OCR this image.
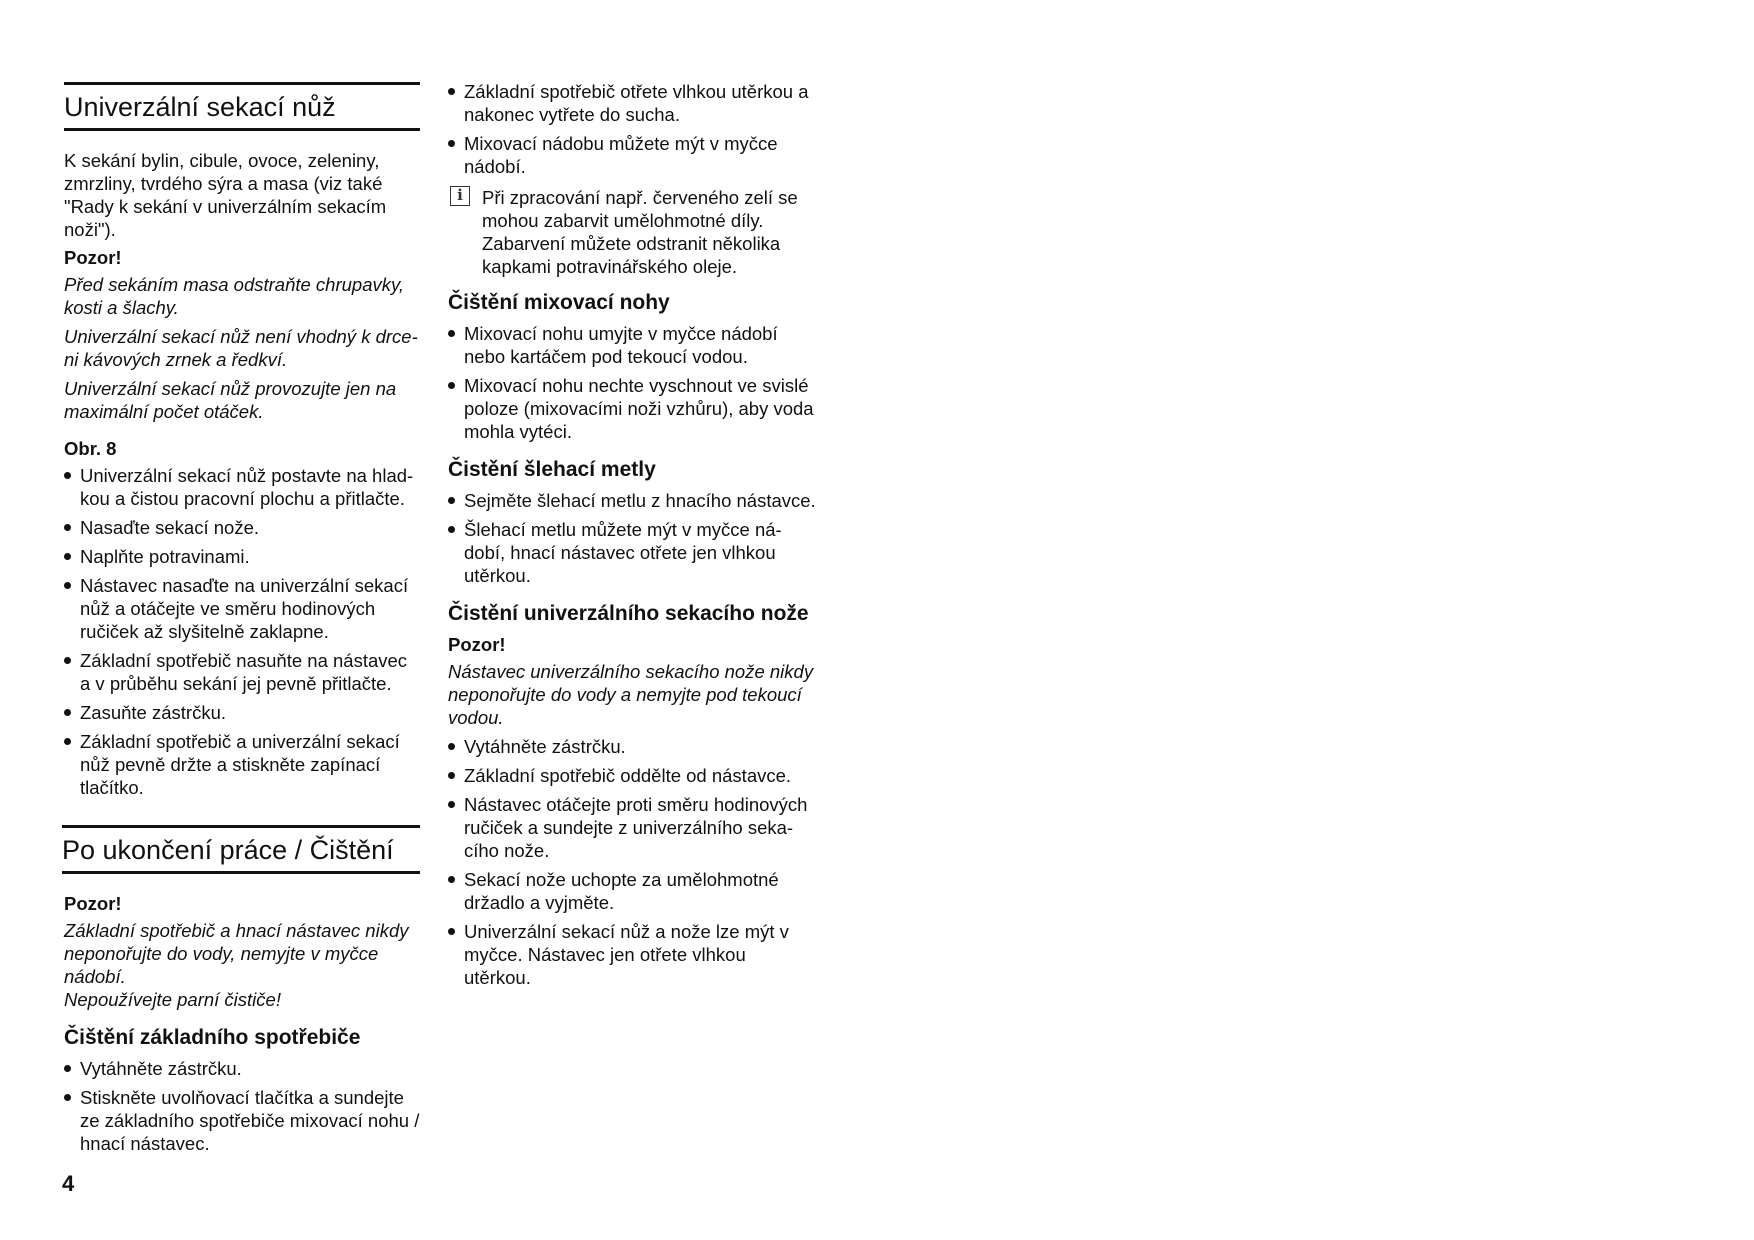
Univerzální sekací nůž

K sekání bylin, cibule, ovoce, zeleniny, zmrzliny, tvrdého sýra a masa (viz také "Rady k sekání v univerzálním sekacím noži").

Pozor!

Před sekáním masa odstraňte chrupavky, kosti a šlachy.

Univerzální sekací nůž není vhodný k drce-ni kávových zrnek a ředkví.

Univerzální sekací nůž provozujte jen na maximální počet otáček.

Obr. 8

Univerzální sekací nůž postavte na hlad-kou a čistou pracovní plochu a přitlačte.
Nasaďte sekací nože.
Naplňte potravinami.
Nástavec nasaďte na univerzální sekací nůž a otáčejte ve směru hodinových ručiček až slyšitelně zaklapne.
Základní spotřebič nasuňte na nástavec a v průběhu sekání jej pevně přitlačte.
Zasuňte zástrčku.
Základní spotřebič a univerzální sekací nůž pevně držte a stiskněte zapínací tlačítko.
Po ukončení práce / Čištění

Pozor!

Základní spotřebič a hnací nástavec nikdy neponořujte do vody, nemyjte v myčce nádobí.

Nepoužívejte parní čističe!

Čištění základního spotřebiče
Vytáhněte zástrčku.
Stiskněte uvolňovací tlačítka a sundejte ze základního spotřebiče mixovací nohu / hnací nástavec.
Základní spotřebič otřete vlhkou utěrkou a nakonec vytřete do sucha.
Mixovací nádobu můžete mýt v myčce nádobí.
i	Při zpracování např. červeného zelí se mohou zabarvit umělohmotné díly. Zabarvení můžete odstranit několika kapkami potravinářského oleje.
Čištění mixovací nohy
Mixovací nohu umyjte v myčce nádobí nebo kartáčem pod tekoucí vodou.
Mixovací nohu nechte vyschnout ve svislé poloze (mixovacími noži vzhůru), aby voda mohla vytéci.
Čistění šlehací metly
Sejměte šlehací metlu z hnacího nástavce.
Šlehací metlu můžete mýt v myčce ná-dobí, hnací nástavec otřete jen vlhkou utěrkou.
Čistění univerzálního sekacího nože

Pozor!

Nástavec univerzálního sekacího nože nikdy neponořujte do vody a nemyjte pod tekoucí vodou.

Vytáhněte zástrčku.
Základní spotřebič oddělte od nástavce.
Nástavec otáčejte proti směru hodinových ručiček a sundejte z univerzálního seka-cího nože.
Sekací nože uchopte za umělohmotné držadlo a vyjměte.
Univerzální sekací nůž a nože lze mýt v myčce. Nástavec jen otřete vlhkou utěrkou.
4
